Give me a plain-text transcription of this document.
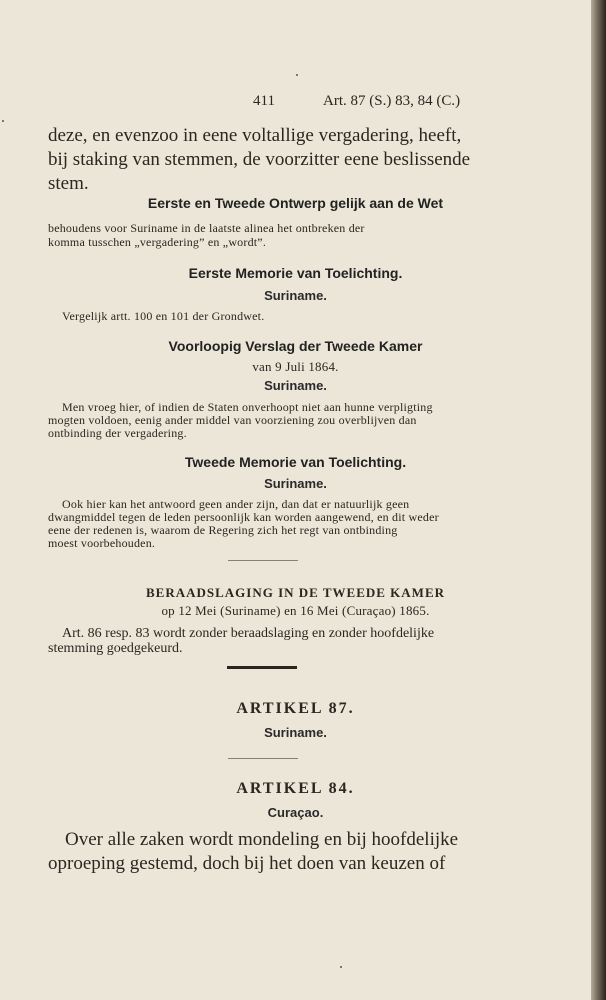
411	Art. 87 (S.) 83, 84 (C.)
deze, en evenzoo in eene voltallige vergadering, heeft,
bij staking van stemmen, de voorzitter eene beslissende
stem.
Eerste en Tweede Ontwerp gelijk aan de Wet
behoudens voor Suriname in de laatste alinea het ontbreken der
komma tusschen „vergadering” en „wordt”.
Eerste Memorie van Toelichting.
Suriname.
Vergelijk artt. 100 en 101 der Grondwet.
Voorloopig Verslag der Tweede Kamer
van 9 Juli 1864.
Suriname.
Men vroeg hier, of indien de Staten onverhoopt niet aan hunne verpligting
mogten voldoen, eenig ander middel van voorziening zou overblijven dan
ontbinding der vergadering.
Tweede Memorie van Toelichting.
Suriname.
Ook hier kan het antwoord geen ander zijn, dan dat er natuurlijk geen
dwangmiddel tegen de leden persoonlijk kan worden aangewend, en dit weder
eene der redenen is, waarom de Regering zich het regt van ontbinding
moest voorbehouden.
BERAADSLAGING IN DE TWEEDE KAMER
op 12 Mei (Suriname) en 16 Mei (Curaçao) 1865.
Art. 86 resp. 83 wordt zonder beraadslaging en zonder hoofdelijke
stemming goedgekeurd.
ARTIKEL 87.
Suriname.
ARTIKEL 84.
Curaçao.
Over alle zaken wordt mondeling en bij hoofdelijke
oproeping gestemd, doch bij het doen van keuzen of
